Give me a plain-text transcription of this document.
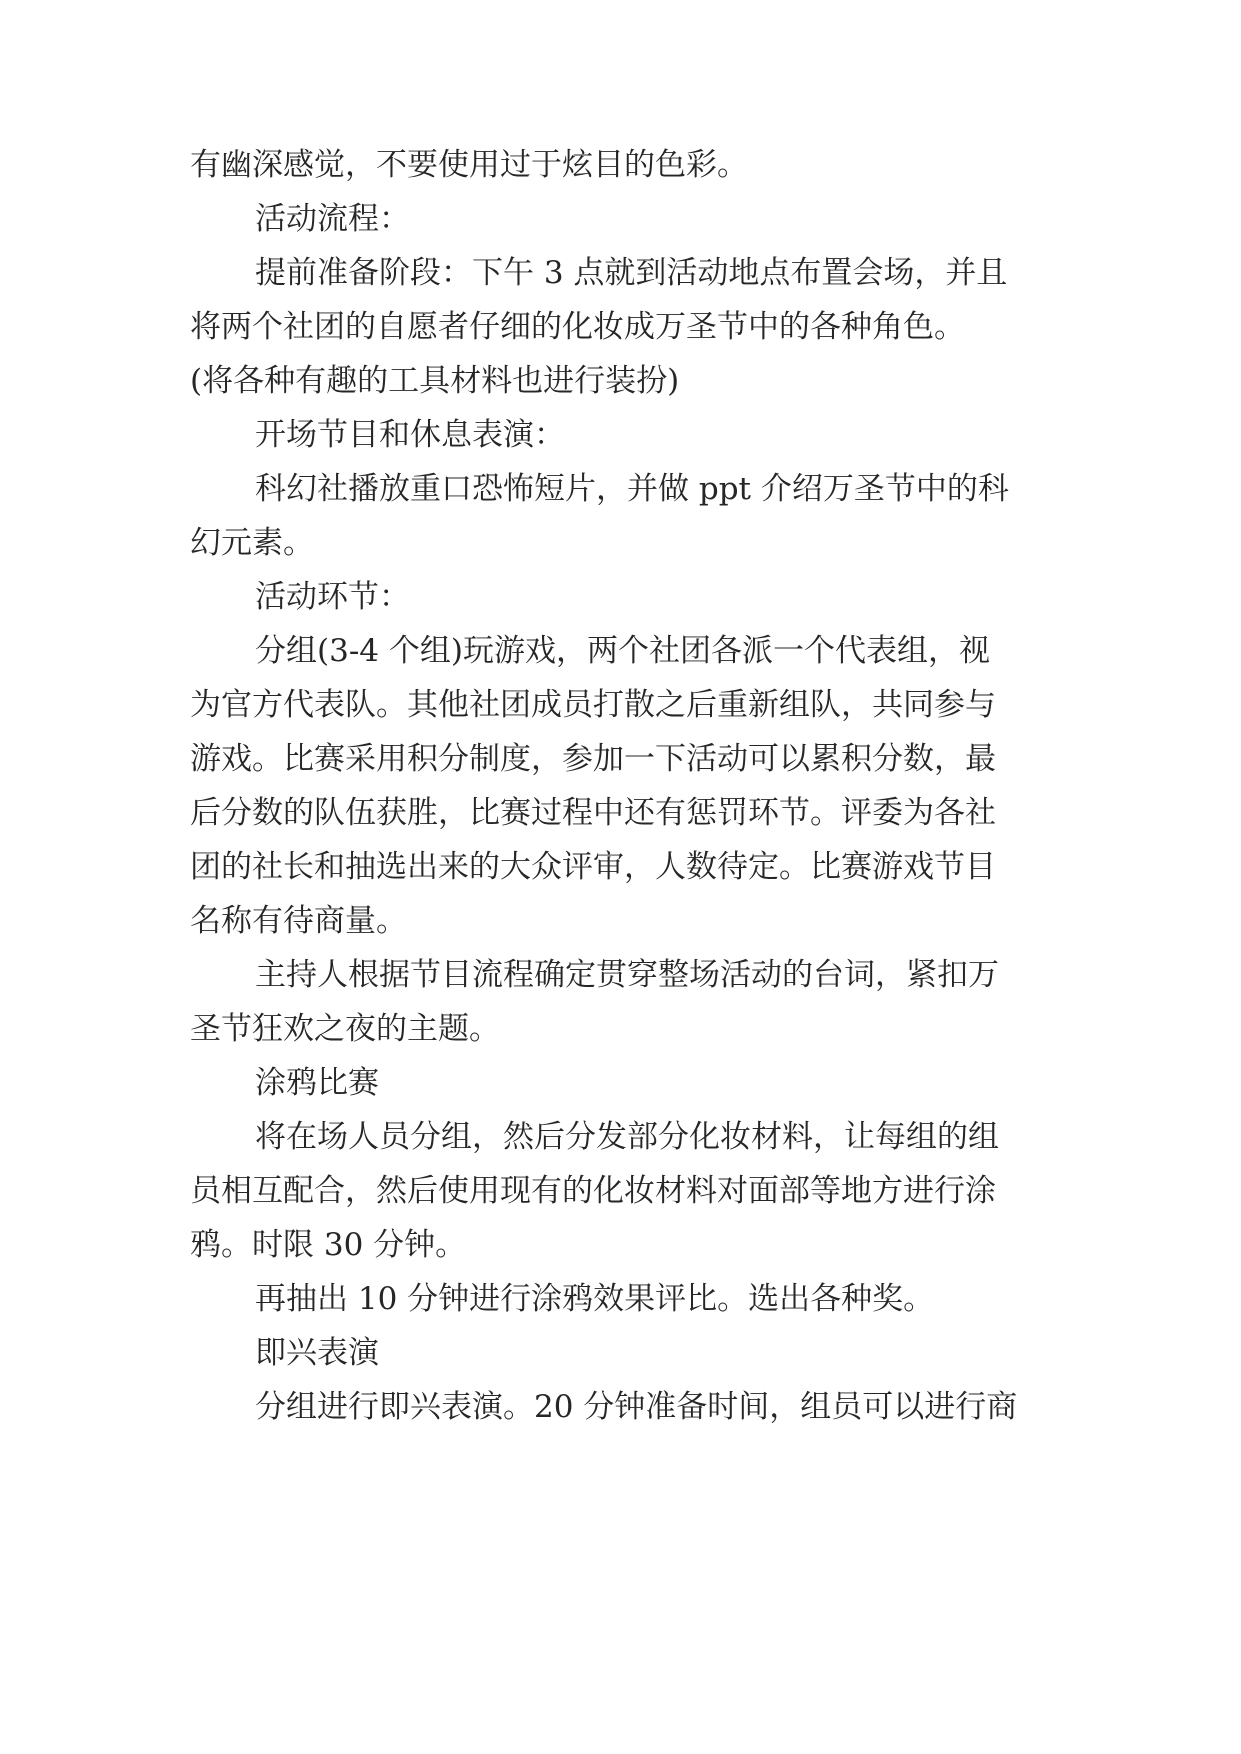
有幽深感觉，不要使用过于炫目的色彩。
活动流程：
提前准备阶段：下午 3 点就到活动地点布置会场，并且
将两个社团的自愿者仔细的化妆成万圣节中的各种角色。
(将各种有趣的工具材料也进行装扮)
开场节目和休息表演：
科幻社播放重口恐怖短片，并做 ppt 介绍万圣节中的科
幻元素。
活动环节：
分组(3-4 个组)玩游戏，两个社团各派一个代表组，视
为官方代表队。其他社团成员打散之后重新组队，共同参与
游戏。比赛采用积分制度，参加一下活动可以累积分数，最
后分数的队伍获胜，比赛过程中还有惩罚环节。评委为各社
团的社长和抽选出来的大众评审，人数待定。比赛游戏节目
名称有待商量。
主持人根据节目流程确定贯穿整场活动的台词，紧扣万
圣节狂欢之夜的主题。
涂鸦比赛
将在场人员分组，然后分发部分化妆材料，让每组的组
员相互配合，然后使用现有的化妆材料对面部等地方进行涂
鸦。时限 30 分钟。
再抽出 10 分钟进行涂鸦效果评比。选出各种奖。
即兴表演
分组进行即兴表演。20 分钟准备时间，组员可以进行商
